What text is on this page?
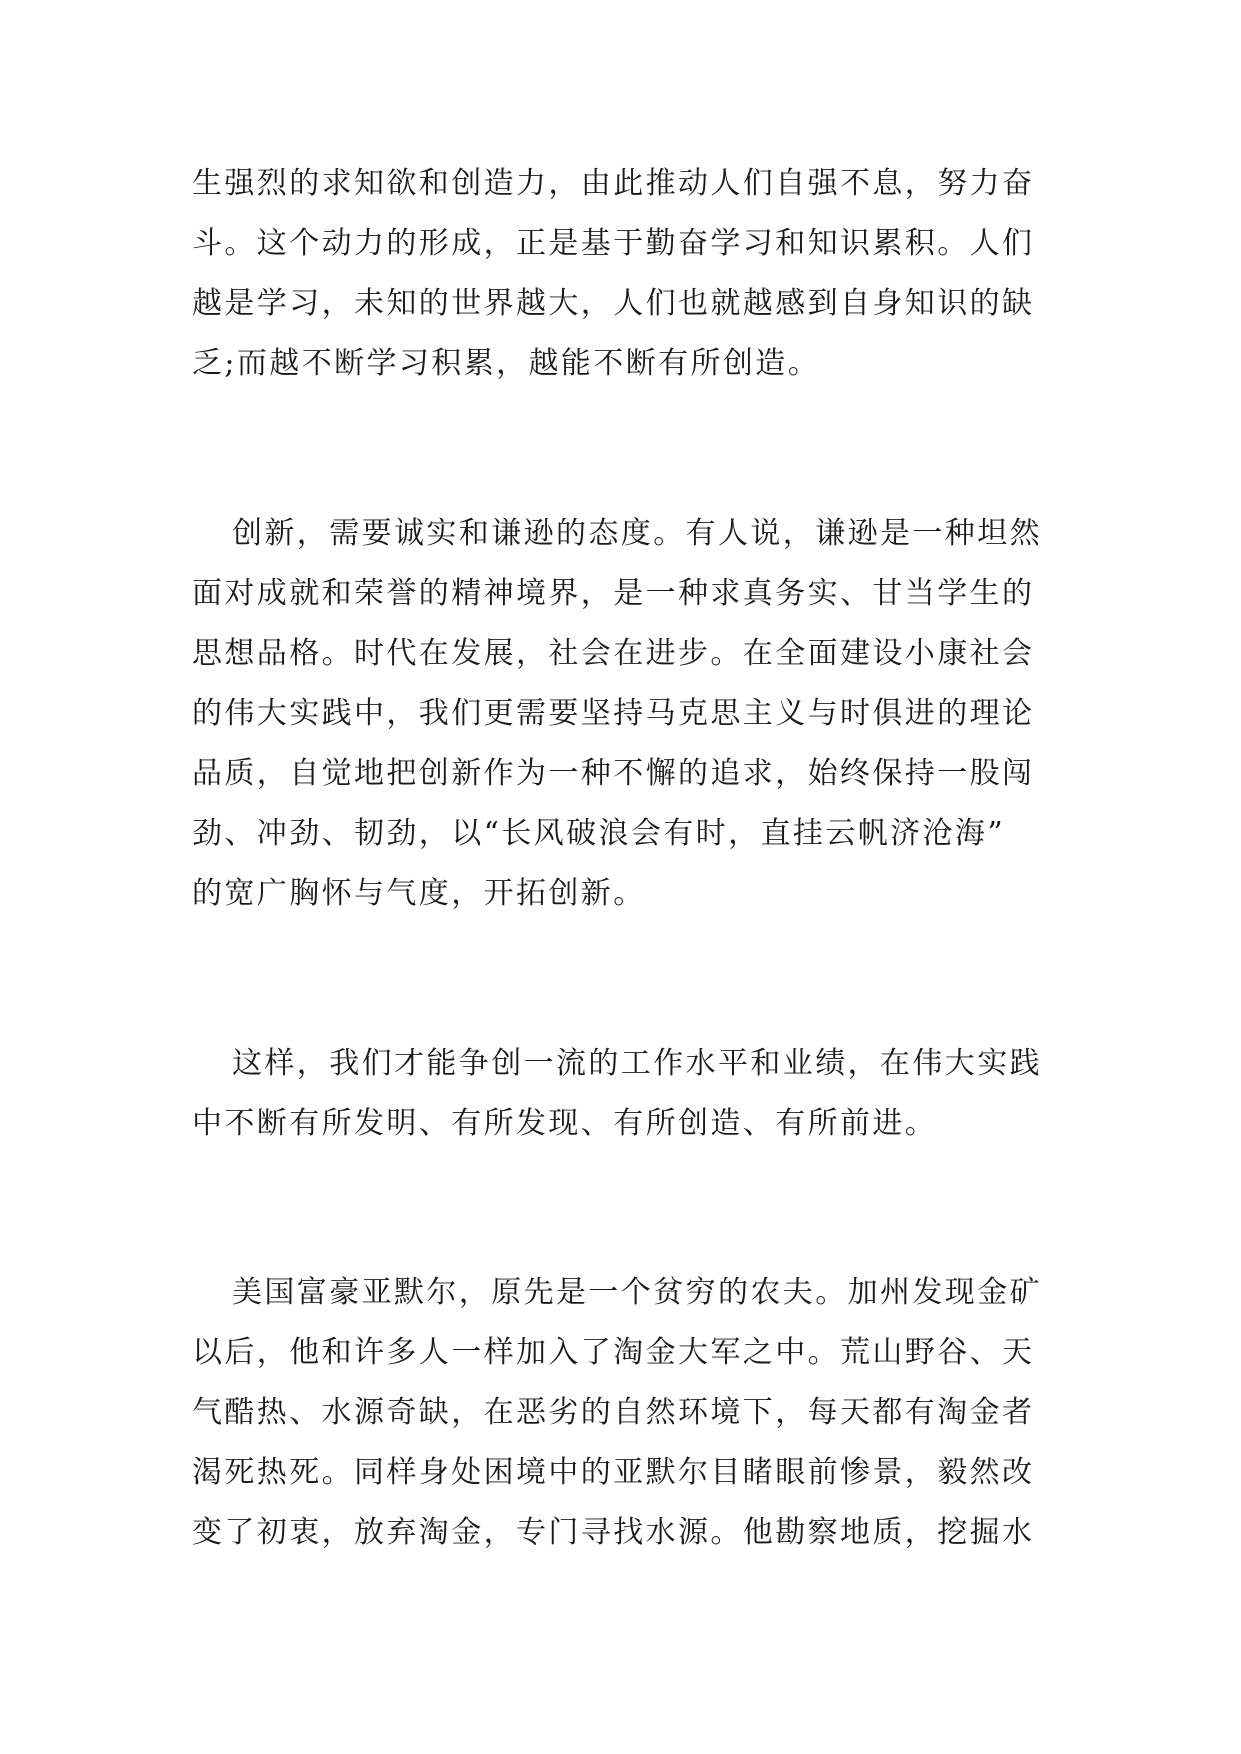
生强烈的求知欲和创造力，由此推动人们自强不息，努力奋
斗。这个动力的形成，正是基于勤奋学习和知识累积。人们
越是学习，未知的世界越大，人们也就越感到自身知识的缺
乏;而越不断学习积累，越能不断有所创造。
创新，需要诚实和谦逊的态度。有人说，谦逊是一种坦然
面对成就和荣誉的精神境界，是一种求真务实、甘当学生的
思想品格。时代在发展，社会在进步。在全面建设小康社会
的伟大实践中，我们更需要坚持马克思主义与时俱进的理论
品质，自觉地把创新作为一种不懈的追求，始终保持一股闯
劲、冲劲、韧劲，以“长风破浪会有时，直挂云帆济沧海”
的宽广胸怀与气度，开拓创新。
这样，我们才能争创一流的工作水平和业绩，在伟大实践
中不断有所发明、有所发现、有所创造、有所前进。
美国富豪亚默尔，原先是一个贫穷的农夫。加州发现金矿
以后，他和许多人一样加入了淘金大军之中。荒山野谷、天
气酷热、水源奇缺，在恶劣的自然环境下，每天都有淘金者
渴死热死。同样身处困境中的亚默尔目睹眼前惨景，毅然改
变了初衷，放弃淘金，专门寻找水源。他勘察地质，挖掘水
